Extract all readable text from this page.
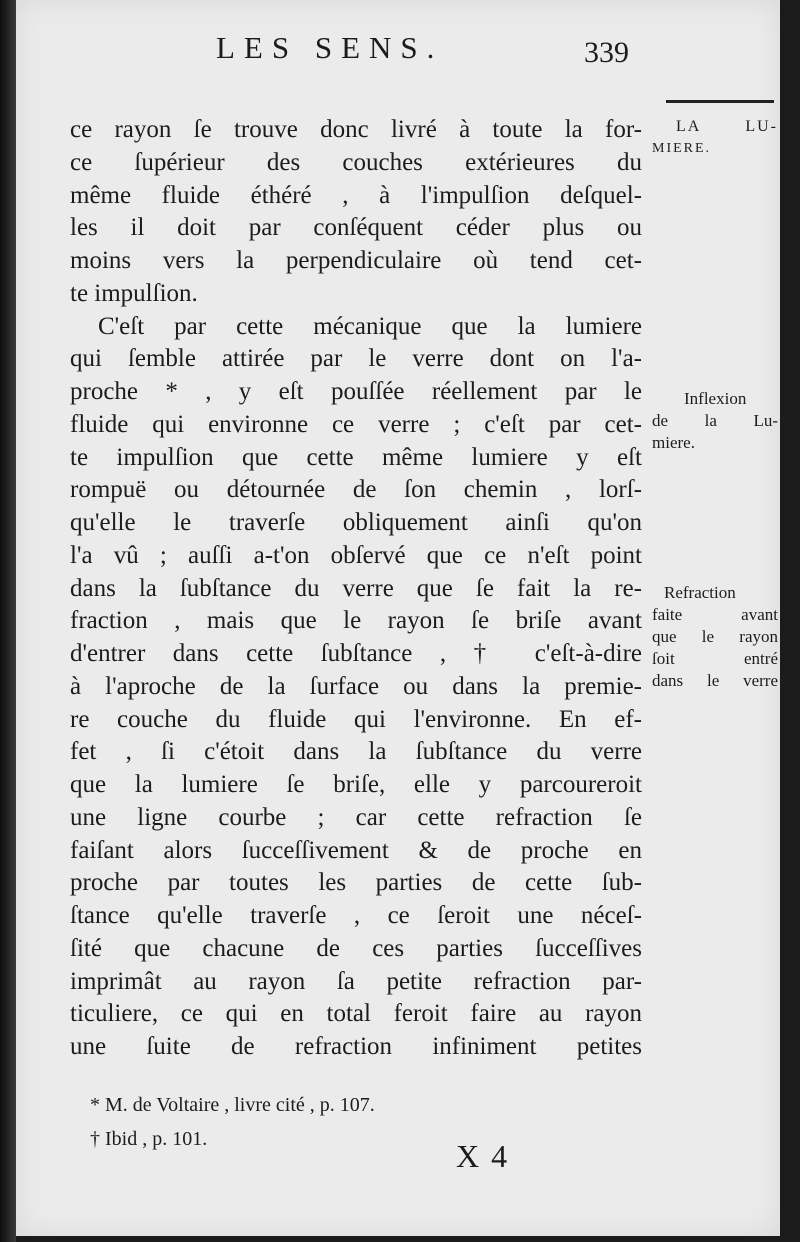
LES SENS.	339
ce rayon ſe trouve donc livré à toute la for-
ce ſupérieur des couches extérieures du
même fluide éthéré , à l'impulſion deſquel-
les il doit par conſéquent céder plus ou
moins vers la perpendiculaire où tend cet-
te impulſion.
C'eſt par cette mécanique que la lumiere
qui ſemble attirée par le verre dont on l'a-
proche * , y eſt pouſſée réellement par le
fluide qui environne ce verre ; c'eſt par cet-
te impulſion que cette même lumiere y eſt
rompuë ou détournée de ſon chemin , lorſ-
qu'elle le traverſe obliquement ainſi qu'on
l'a vû ; auſſi a-t'on obſervé que ce n'eſt point
dans la ſubſtance du verre que ſe fait la re-
fraction , mais que le rayon ſe briſe avant
d'entrer dans cette ſubſtance , † c'eſt-à-dire
à l'aproche de la ſurface ou dans la premie-
re couche du fluide qui l'environne. En ef-
fet , ſi c'étoit dans la ſubſtance du verre
que la lumiere ſe briſe, elle y parcoureroit
une ligne courbe ; car cette refraction ſe
faiſant alors ſucceſſivement & de proche en
proche par toutes les parties de cette ſub-
ſtance qu'elle traverſe , ce ſeroit une néceſ-
ſité que chacune de ces parties ſucceſſives
imprimât au rayon ſa petite refraction par-
ticuliere, ce qui en total feroit faire au rayon
une ſuite de refraction infiniment petites
LA LU-
MIERE.
Inflexion
de la Lu-
miere.
Refraction
faite avant
que le rayon
ſoit entré
dans le verre
* M. de Voltaire , livre cité , p. 107.
† Ibid , p. 101.	X 4
